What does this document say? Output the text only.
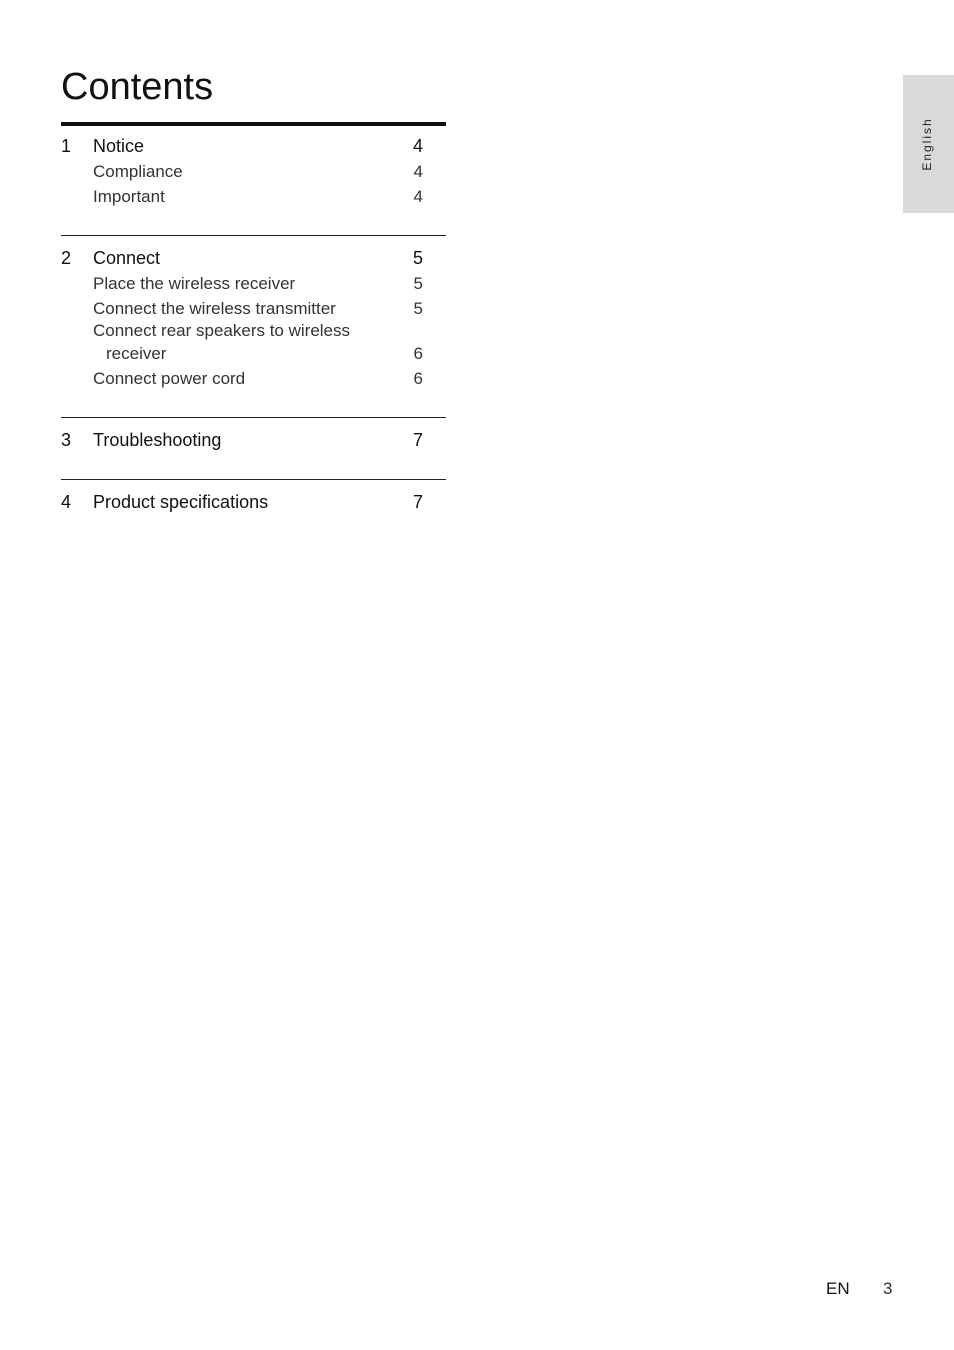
Contents
1 Notice	4
Compliance	4
Important	4
2 Connect	5
Place the wireless receiver	5
Connect the wireless transmitter	5
Connect rear speakers to wireless
receiver	6
Connect power cord	6
3 Troubleshooting	7
4 Product specifications	7
English
EN 3
